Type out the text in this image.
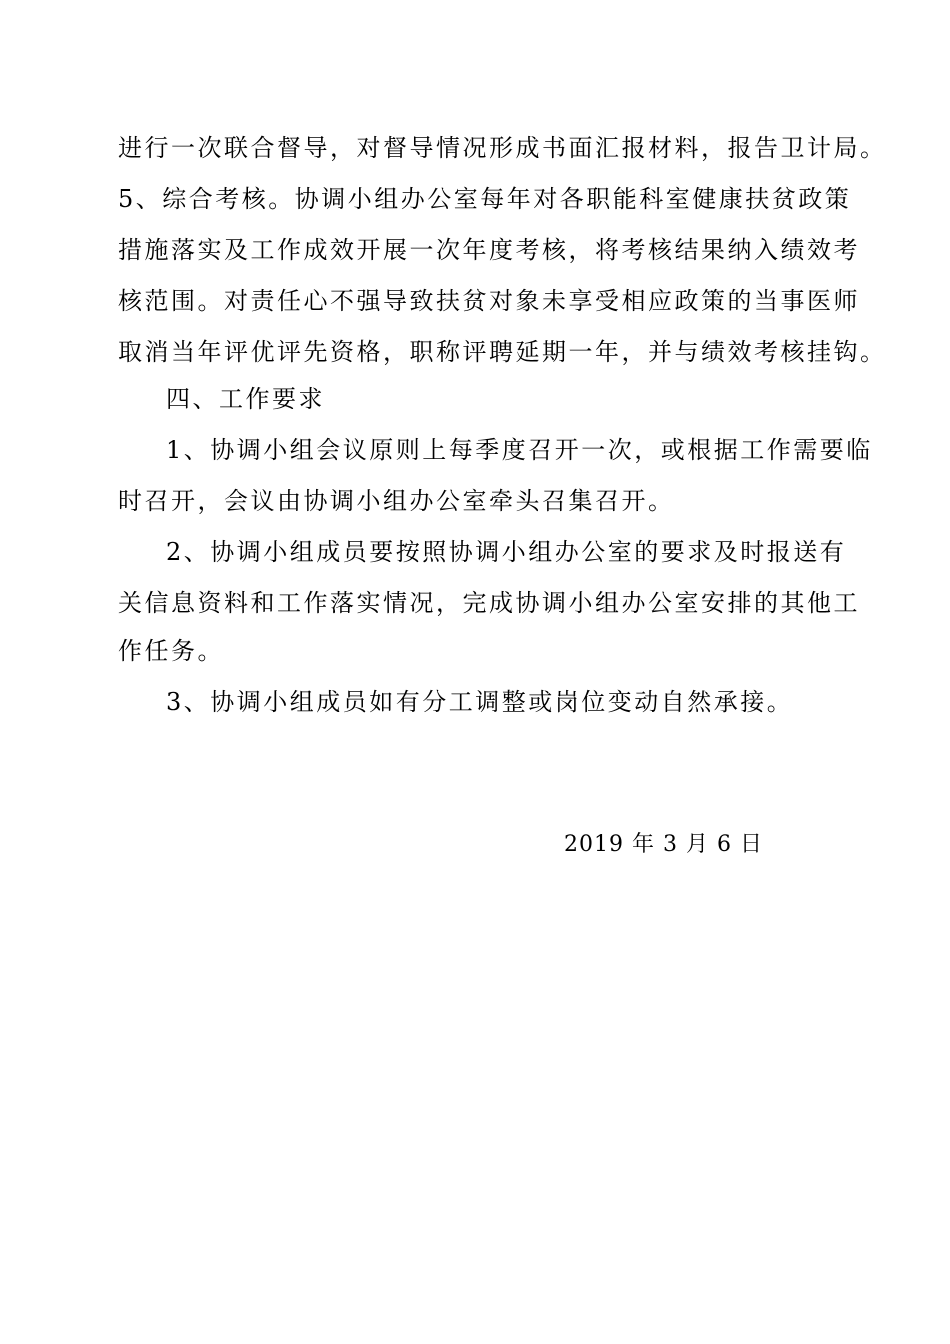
进行一次联合督导，对督导情况形成书面汇报材料，报告卫计局。
5、综合考核。协调小组办公室每年对各职能科室健康扶贫政策
措施落实及工作成效开展一次年度考核，将考核结果纳入绩效考
核范围。对责任心不强导致扶贫对象未享受相应政策的当事医师
取消当年评优评先资格，职称评聘延期一年，并与绩效考核挂钩。
四、工作要求
1、协调小组会议原则上每季度召开一次，或根据工作需要临
时召开，会议由协调小组办公室牵头召集召开。
2、协调小组成员要按照协调小组办公室的要求及时报送有
关信息资料和工作落实情况，完成协调小组办公室安排的其他工
作任务。
3、协调小组成员如有分工调整或岗位变动自然承接。
2019 年 3 月 6 日
